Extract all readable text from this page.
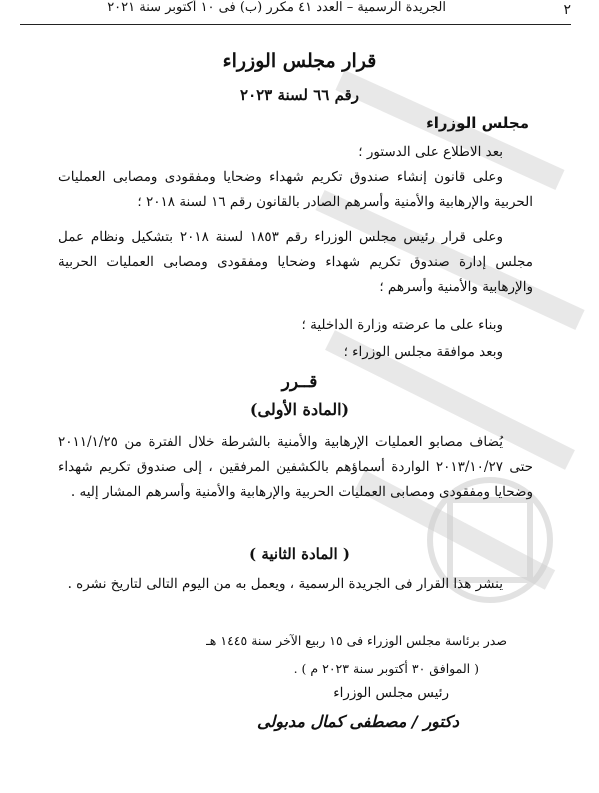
٢
الجريدة الرسمية – العدد ٤١ مكرر (ب) فى ١٠ أكتوبر سنة ٢٠٢١
قرار مجلس الوزراء
رقم ٦٦ لسنة ٢٠٢٣
مجلس الوزراء
بعد الاطلاع على الدستور ؛
وعلى قانون إنشاء صندوق تكريم شهداء وضحايا ومفقودى ومصابى العمليات الحربية والإرهابية والأمنية وأسرهم الصادر بالقانون رقم ١٦ لسنة ٢٠١٨ ؛
وعلى قرار رئيس مجلس الوزراء رقم ١٨٥٣ لسنة ٢٠١٨ بتشكيل ونظام عمل مجلس إدارة صندوق تكريم شهداء وضحايا ومفقودى ومصابى العمليات الحربية والإرهابية والأمنية وأسرهم ؛
وبناء على ما عرضته وزارة الداخلية ؛
وبعد موافقة مجلس الوزراء ؛
قــرر
(المادة الأولى)
يُضاف مصابو العمليات الإرهابية والأمنية بالشرطة خلال الفترة من ٢٠١١/١/٢٥ حتى ٢٠١٣/١٠/٢٧ الواردة أسماؤهم بالكشفين المرفقين ، إلى صندوق تكريم شهداء وضحايا ومفقودى ومصابى العمليات الحربية والإرهابية والأمنية وأسرهم المشار إليه .
( المادة الثانية )
ينشر هذا القرار فى الجريدة الرسمية ، ويعمل به من اليوم التالى لتاريخ نشره .
صدر برئاسة مجلس الوزراء فى ١٥ ربيع الآخر سنة ١٤٤٥ هـ
( الموافق ٣٠ أكتوبر سنة ٢٠٢٣ م ) .
رئيس مجلس الوزراء
دكتور / مصطفى كمال مدبولى
